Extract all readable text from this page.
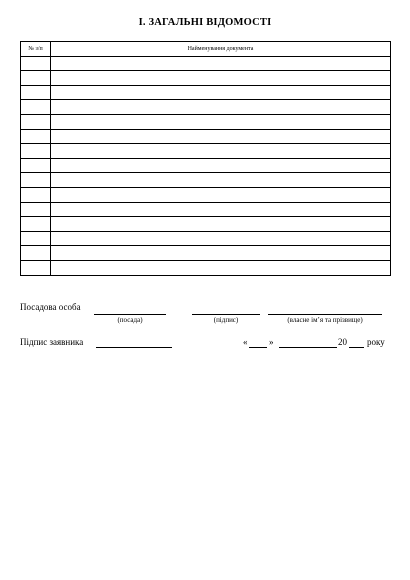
І. ЗАГАЛЬНІ ВІДОМОСТІ
№ з/п	Найменування документа

Посадова особа
(посада)	(підпис)	(власне ім’я та прізвище)
Підпис заявника	« »	20 року
